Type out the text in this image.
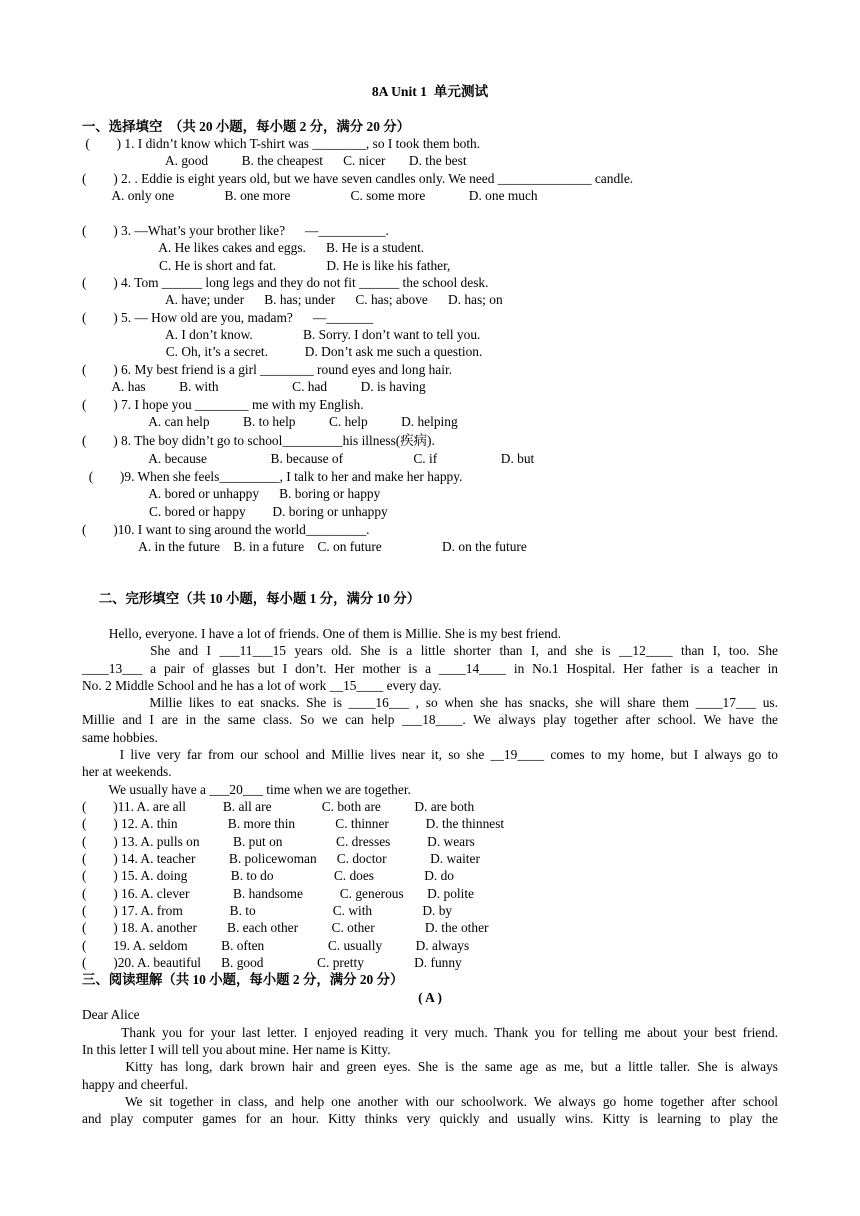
8A Unit 1  单元测试
一、选择填空  （共 20 小题，每小题 2 分，满分 20 分）
(        ) 1. I didn’t know which T-shirt was ________, so I took them both.
A. good          B. the cheapest      C. nicer       D. the best
(        ) 2. . Eddie is eight years old, but we have seven candles only. We need ______________ candle.
A. only one               B. one more                  C. some more             D. one much
(        ) 3. —What’s your brother like?      —__________.
A. He likes cakes and eggs.      B. He is a student.
C. He is short and fat.               D. He is like his father,
(        ) 4. Tom ______ long legs and they do not fit ______ the school desk.
A. have; under      B. has; under      C. has; above      D. has; on
(        ) 5. — How old are you, madam?      —_______
A. I don’t know.               B. Sorry. I don’t want to tell you.
C. Oh, it’s a secret.           D. Don’t ask me such a question.
(        ) 6. My best friend is a girl ________ round eyes and long hair.
A. has          B. with                      C. had          D. is having
(        ) 7. I hope you ________ me with my English.
A. can help          B. to help          C. help          D. helping
(        ) 8. The boy didn’t go to school_________his illness(疾病).
A. because                   B. because of                     C. if                   D. but
(        )9. When she feels_________, I talk to her and make her happy.
A. bored or unhappy      B. boring or happy
C. bored or happy        D. boring or unhappy
(        )10. I want to sing around the world_________.
A. in the future    B. in a future    C. on future                  D. on the future
二、完形填空（共 10 小题，每小题 1 分，满分 10 分）
Hello, everyone. I have a lot of friends. One of them is Millie. She is my best friend.
She and I ___11___15 years old. She is a little shorter than I, and she is __12____ than I, too. She
____13___ a pair of glasses but I don’t. Her mother is a ____14____ in No.1 Hospital. Her father is a teacher in
No. 2 Middle School and he has a lot of work __15____ every day.
Millie likes to eat snacks. She is ____16___ , so when she has snacks, she will share them ____17___ us.
Millie and I are in the same class. So we can help ___18____. We always play together after school. We have the
same hobbies.
I live very far from our school and Millie lives near it, so she __19____ comes to my home, but I always go to
her at weekends.
We usually have a ___20___ time when we are together.
(        )11. A. are all           B. all are               C. both are          D. are both
(        ) 12. A. thin               B. more thin            C. thinner           D. the thinnest
(        ) 13. A. pulls on          B. put on                C. dresses           D. wears
(        ) 14. A. teacher          B. policewoman      C. doctor             D. waiter
(        ) 15. A. doing             B. to do                  C. does               D. do
(        ) 16. A. clever             B. handsome           C. generous       D. polite
(        ) 17. A. from              B. to                       C. with               D. by
(        ) 18. A. another         B. each other          C. other               D. the other
(        19. A. seldom          B. often                   C. usually          D. always
(        )20. A. beautiful      B. good                C. pretty               D. funny
三、阅读理解（共 10 小题，每小题 2 分，满分 20 分）
( A )
Dear Alice
Thank you for your last letter. I enjoyed reading it very much. Thank you for telling me about your best friend.
In this letter I will tell you about mine. Her name is Kitty.
Kitty has long, dark brown hair and green eyes. She is the same age as me, but a little taller. She is always
happy and cheerful.
We sit together in class, and help one another with our schoolwork. We always go home together after school
and play computer games for an hour. Kitty thinks very quickly and usually wins. Kitty is learning to play the
